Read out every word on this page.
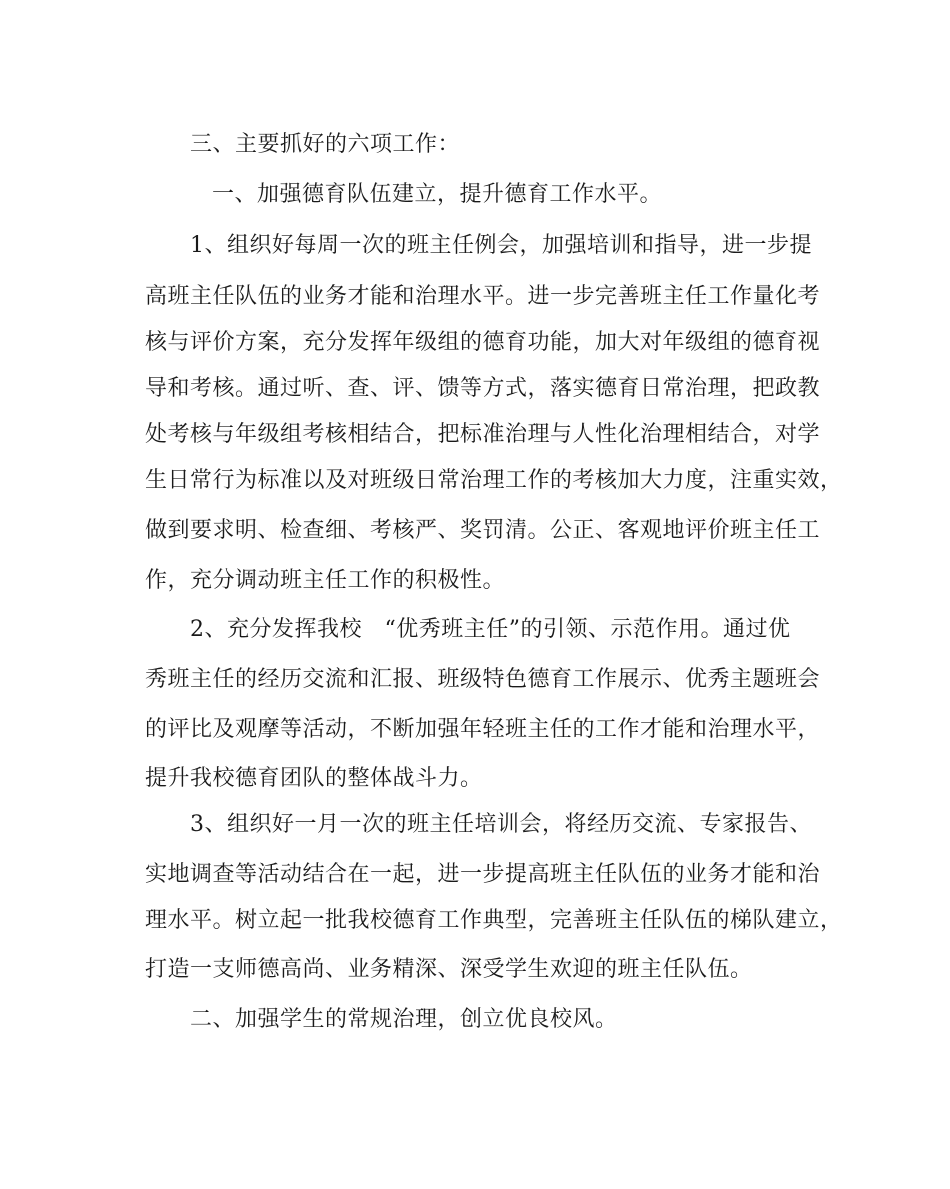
三、主要抓好的六项工作：
一、加强德育队伍建立，提升德育工作水平。
1、组织好每周一次的班主任例会，加强培训和指导，进一步提
高班主任队伍的业务才能和治理水平。进一步完善班主任工作量化考
核与评价方案，充分发挥年级组的德育功能，加大对年级组的德育视
导和考核。通过听、查、评、馈等方式，落实德育日常治理，把政教
处考核与年级组考核相结合，把标准治理与人性化治理相结合，对学
生日常行为标准以及对班级日常治理工作的考核加大力度，注重实效，
做到要求明、检查细、考核严、奖罚清。公正、客观地评价班主任工
作，充分调动班主任工作的积极性。
2、充分发挥我校　“优秀班主任”的引领、示范作用。通过优
秀班主任的经历交流和汇报、班级特色德育工作展示、优秀主题班会
的评比及观摩等活动，不断加强年轻班主任的工作才能和治理水平，
提升我校德育团队的整体战斗力。
3、组织好一月一次的班主任培训会，将经历交流、专家报告、
实地调查等活动结合在一起，进一步提高班主任队伍的业务才能和治
理水平。树立起一批我校德育工作典型，完善班主任队伍的梯队建立，
打造一支师德高尚、业务精深、深受学生欢迎的班主任队伍。
二、加强学生的常规治理，创立优良校风。
